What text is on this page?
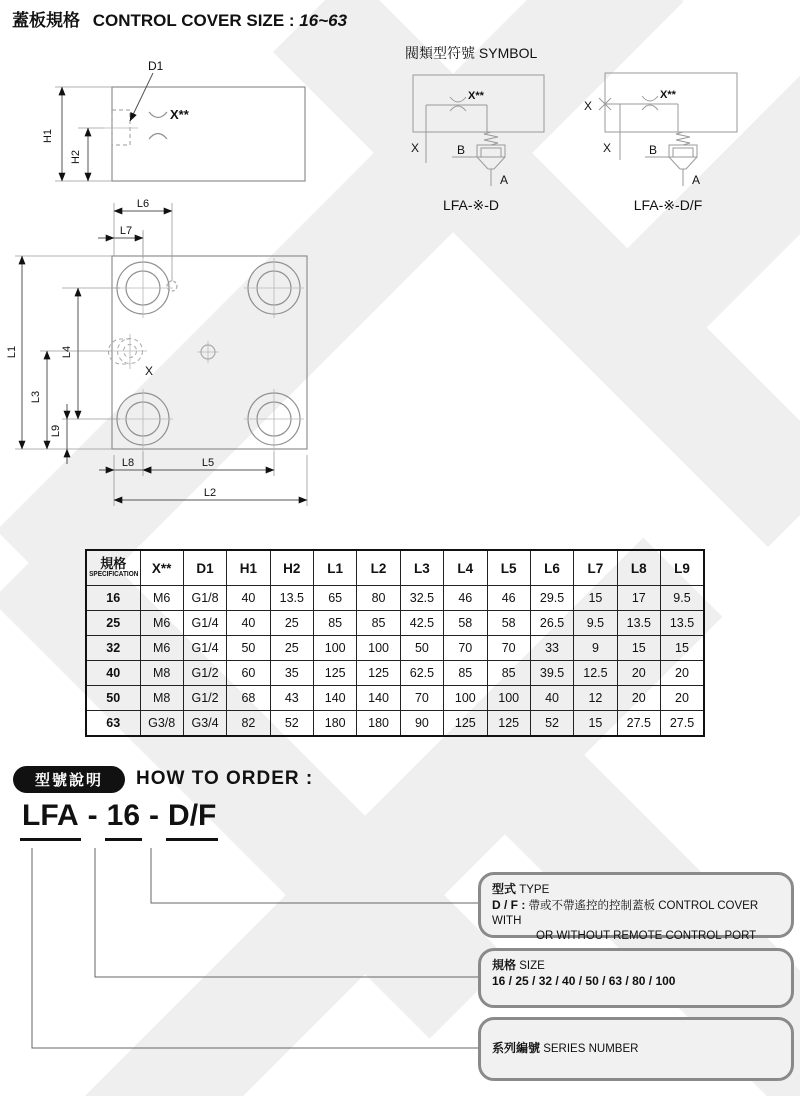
蓋板規格 CONTROL COVER SIZE : 16~63
D1
X**
H1
H2
L6
L7
L1
L3
L4
L9
L8	L5
L2
X
閥類型符號 SYMBOL
X**
X	B
A
LFA-※-D
X
X**
X	B
A
LFA-※-D/F
規格
SPECIFICATION	X**	D1	H1	H2	L1	L2	L3	L4	L5	L6	L7	L8	L9
16	M6	G1/8	40	13.5	65	80	32.5	46	46	29.5	15	17	9.5
25	M6	G1/4	40	25	85	85	42.5	58	58	26.5	9.5	13.5	13.5
32	M6	G1/4	50	25	100	100	50	70	70	33	9	15	15
40	M8	G1/2	60	35	125	125	62.5	85	85	39.5	12.5	20	20
50	M8	G1/2	68	43	140	140	70	100	100	40	12	20	20
63	G3/8	G3/4	82	52	180	180	90	125	125	52	15	27.5	27.5
型號說明 HOW TO ORDER :
LFA - 16 - D/F
型式 TYPE
D / F : 帶或不帶遙控的控制蓋板 CONTROL COVER WITH
OR WITHOUT REMOTE CONTROL PORT
規格 SIZE
16 / 25 / 32 / 40 / 50 / 63 / 80 / 100
系列編號 SERIES NUMBER
